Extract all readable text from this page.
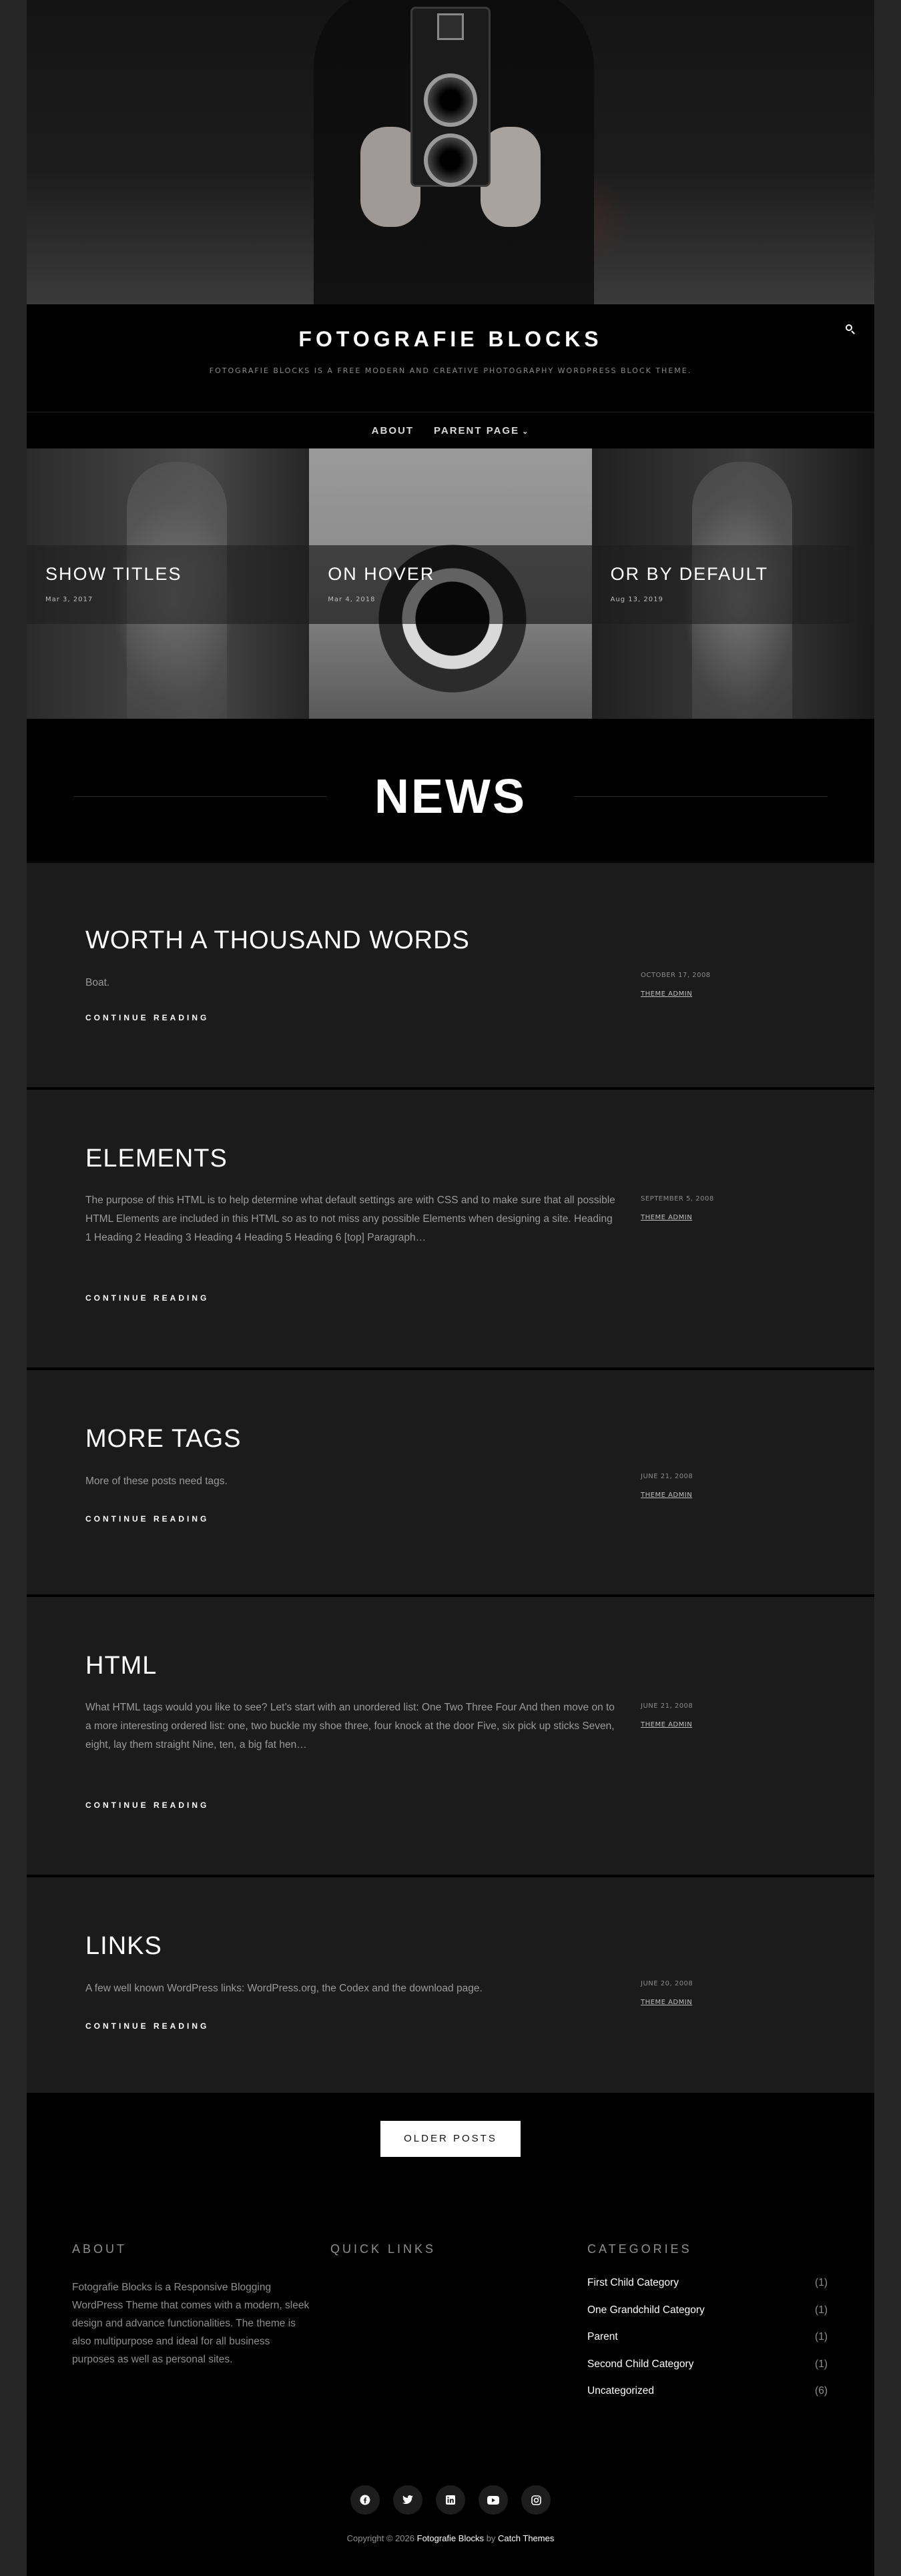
FOTOGRAFIE BLOCKS
FOTOGRAFIE BLOCKS IS A FREE MODERN AND CREATIVE PHOTOGRAPHY WORDPRESS BLOCK THEME.
ABOUT PARENT PAGE ⌄
SHOW TITLES
Mar 3, 2017
ON HOVER
Mar 4, 2018
OR BY DEFAULT
Aug 13, 2019
NEWS
WORTH A THOUSAND WORDS
Boat.
CONTINUE READING
OCTOBER 17, 2008
THEME ADMIN
ELEMENTS
The purpose of this HTML is to help determine what default settings are with CSS and to make sure that all possible HTML Elements are included in this HTML so as to not miss any possible Elements when designing a site. Heading 1 Heading 2 Heading 3 Heading 4 Heading 5 Heading 6 [top] Paragraph…
CONTINUE READING
SEPTEMBER 5, 2008
THEME ADMIN
MORE TAGS
More of these posts need tags.
CONTINUE READING
JUNE 21, 2008
THEME ADMIN
HTML
What HTML tags would you like to see? Let’s start with an unordered list: One Two Three Four And then move on to a more interesting ordered list: one, two buckle my shoe three, four knock at the door Five, six pick up sticks Seven, eight, lay them straight Nine, ten, a big fat hen…
CONTINUE READING
JUNE 21, 2008
THEME ADMIN
LINKS
A few well known WordPress links: WordPress.org, the Codex and the download page.
CONTINUE READING
JUNE 20, 2008
THEME ADMIN
OLDER POSTS
ABOUT
Fotografie Blocks is a Responsive Blogging WordPress Theme that comes with a modern, sleek design and advance functionalities. The theme is also multipurpose and ideal for all business purposes as well as personal sites.
QUICK LINKS	CATEGORIES
First Child Category	(1)
One Grandchild Category	(1)
Parent	(1)
Second Child Category	(1)
Uncategorized	(6)
Copyright © 2026 Fotografie Blocks by Catch Themes
